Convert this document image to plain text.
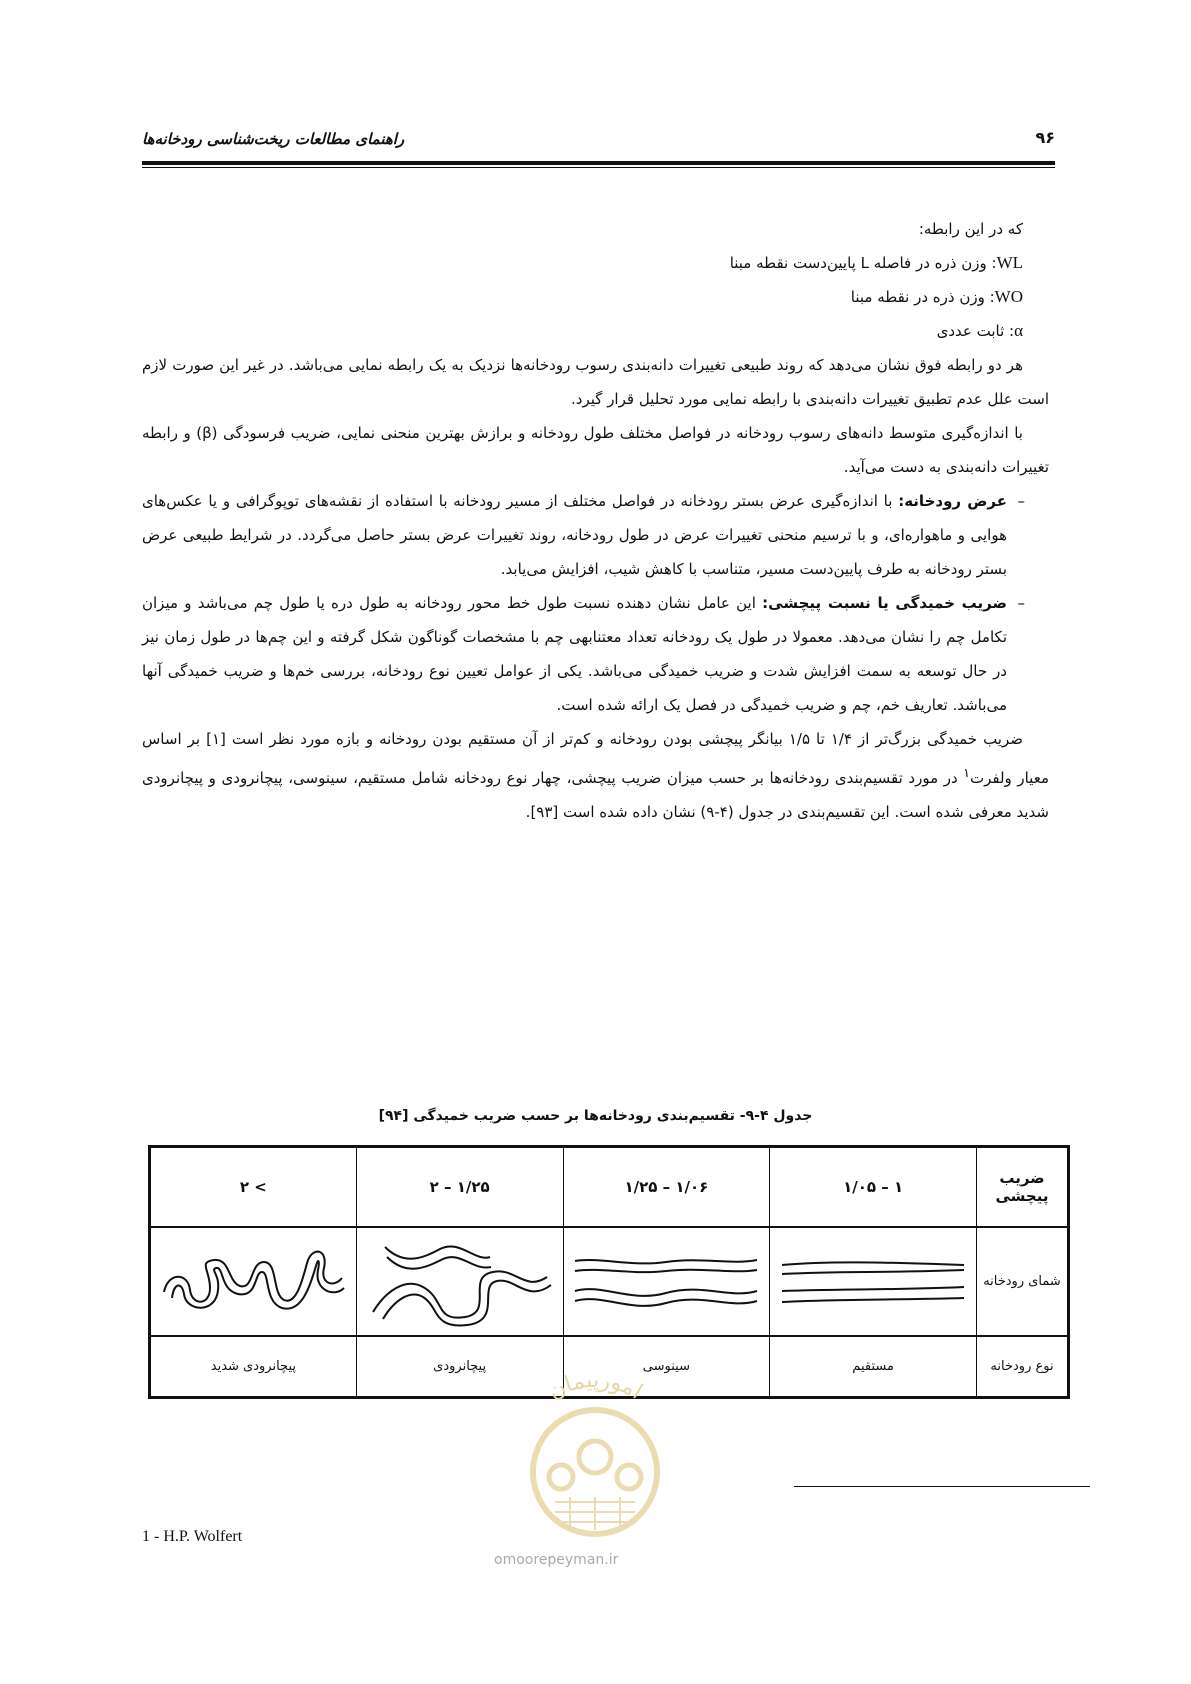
راهنمای مطالعات ریخت‌شناسی رودخانه‌ها	۹۶
که در این رابطه:
WL: وزن ذره در فاصله L پایین‌دست نقطه مبنا
WO: وزن ذره در نقطه مبنا
α: ثابت عددی

هر دو رابطه فوق نشان می‌دهد که روند طبیعی تغییرات دانه‌بندی رسوب رودخانه‌ها نزدیک به یک رابطه نمایی می‌باشد. در غیر این صورت لازم است علل عدم تطبیق تغییرات دانه‌بندی با رابطه نمایی مورد تحلیل قرار گیرد.

با اندازه‌گیری متوسط دانه‌های رسوب رودخانه در فواصل مختلف طول رودخانه و برازش بهترین منحنی نمایی، ضریب فرسودگی (β) و رابطه تغییرات دانه‌بندی به دست می‌آید.

–

عرض رودخانه: با اندازه‌گیری عرض بستر رودخانه در فواصل مختلف از مسیر رودخانه با استفاده از نقشه‌های توپوگرافی و یا عکس‌های هوایی و ماهواره‌ای، و با ترسیم منحنی تغییرات عرض در طول رودخانه، روند تغییرات عرض بستر حاصل می‌گردد. در شرایط طبیعی عرض بستر رودخانه به طرف پایین‌دست مسیر، متناسب با کاهش شیب، افزایش می‌یابد.

–

ضریب خمیدگی یا نسبت پیچشی: این عامل نشان دهنده نسبت طول خط محور رودخانه به طول دره یا طول چم می‌باشد و میزان تکامل چم را نشان می‌دهد. معمولا در طول یک رودخانه تعداد معتنابهی چم با مشخصات گوناگون شکل گرفته و این چم‌ها در طول زمان نیز در حال توسعه به سمت افزایش شدت و ضریب خمیدگی می‌باشد. یکی از عوامل تعیین نوع رودخانه، بررسی خم‌ها و ضریب خمیدگی آنها می‌باشد. تعاریف خم، چم و ضریب خمیدگی در فصل یک ارائه شده است.

ضریب خمیدگی بزرگ‌تر از ۱/۴ تا ۱/۵ بیانگر پیچشی بودن رودخانه و کم‌تر از آن مستقیم بودن رودخانه و بازه مورد نظر است [۱] بر اساس معیار ولفرت$^۱$ در مورد تقسیم‌بندی رودخانه‌ها بر حسب میزان ضریب پیچشی، چهار نوع رودخانه شامل مستقیم، سینوسی، پیچانرودی و پیچانرودی شدید معرفی شده است. این تقسیم‌بندی در جدول (۴-۹) نشان داده شده است [۹۳].

جدول ۴-۹- تقسیم‌بندی رودخانه‌ها بر حسب ضریب خمیدگی [۹۴]
ضریب پیچشی	۱ – ۱/۰۵	۱/۰۶ – ۱/۲۵	۱/۲۵ – ۲	> ۲
شمای رودخانه	

نوع رودخانه	مستقیم	سینوسی	پیچانرودی	پیچانرودی شدید
امورپیمان
omoorepeyman.ir
1 - H.P. Wolfert
